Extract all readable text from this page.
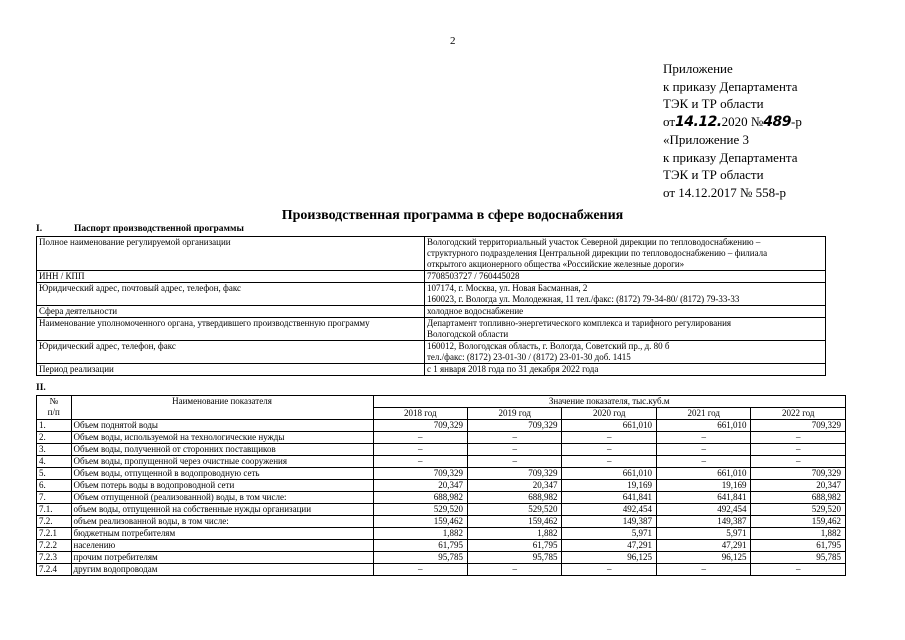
2
Приложение
к приказу Департамента
ТЭК и ТР области
от14.12.2020 №489-р
«Приложение 3
к приказу Департамента
ТЭК и ТР области
от 14.12.2017 № 558-р
Производственная программа в сфере водоснабжения
I.	Паспорт производственной программы
Полное наименование регулируемой организации	Вологодский территориальный участок Северной дирекции по тепловодоснабжению –
структурного подразделения Центральной дирекции по тепловодоснабжению – филиала
открытого акционерного общества «Российские железные дороги»

ИНН / КПП	7708503727 / 760445028

Юридический адрес, почтовый адрес, телефон, факс	107174, г. Москва, ул. Новая Басманная, 2
160023, г. Вологда ул. Молодежная, 11 тел./факс: (8172) 79-34-80/ (8172) 79-33-33

Сфера деятельности	холодное водоснабжение

Наименование уполномоченного органа, утвердившего производственную программу	Департамент топливно-энергетического комплекса и тарифного регулирования
Вологодской области

Юридический адрес, телефон, факс	160012, Вологодская область, г. Вологда, Советский пр., д. 80 б
тел./факс: (8172) 23-01-30 / (8172) 23-01-30 доб. 1415

Период реализации	с 1 января 2018 года по 31 декабря 2022 года
II.
№
п/п	Наименование показателя	Значение показателя, тыс.куб.м				
		2018 год	2019 год	2020 год	2021 год	2022 год
1.	Объем поднятой воды	709,329	709,329	661,010	661,010	709,329
2.	Объем воды, используемой на технологические нужды	–	–	–	–	–
3.	Объем воды, полученной от сторонних поставщиков	–	–	–	–	–
4.	Объем воды, пропущенной через очистные сооружения	–	–	–	–	–
5.	Объем воды, отпущенной в водопроводную сеть	709,329	709,329	661,010	661,010	709,329
6.	Объем потерь воды в водопроводной сети	20,347	20,347	19,169	19,169	20,347
7.	Объем отпущенной (реализованной) воды, в том числе:	688,982	688,982	641,841	641,841	688,982
7.1.	объем воды, отпущенной на собственные нужды организации	529,520	529,520	492,454	492,454	529,520
7.2.	объем реализованной воды, в том числе:	159,462	159,462	149,387	149,387	159,462
7.2.1	бюджетным потребителям	1,882	1,882	5,971	5,971	1,882
7.2.2	населению	61,795	61,795	47,291	47,291	61,795
7.2.3	прочим потребителям	95,785	95,785	96,125	96,125	95,785
7.2.4	другим водопроводам	–	–	–	–	–
